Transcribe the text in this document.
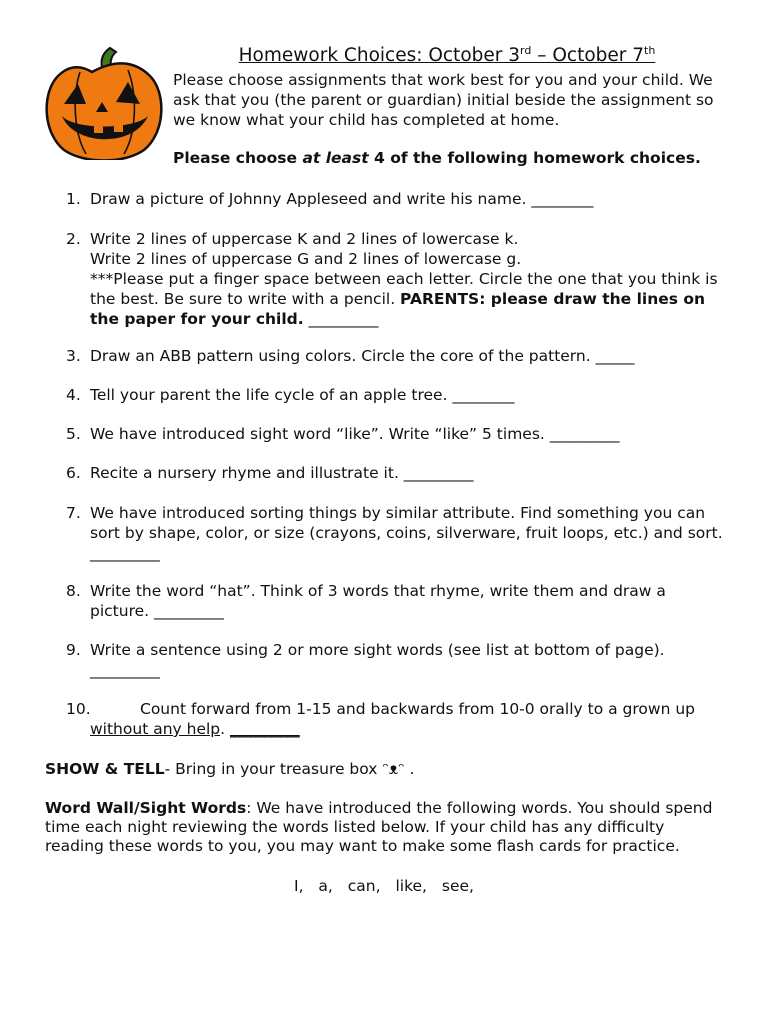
Homework Choices: October 3rd – October 7th

Please choose assignments that work best for you and your child. We ask that you (the parent or guardian) initial beside the assignment so we know what your child has completed at home.

Please choose at least 4 of the following homework choices.

1. Draw a picture of Johnny Appleseed and write his name. ________
2. Write 2 lines of uppercase K and 2 lines of lowercase k.
Write 2 lines of uppercase G and 2 lines of lowercase g.
***Please put a finger space between each letter. Circle the one that you think is the best. Be sure to write with a pencil. PARENTS: please draw the lines on the paper for your child. _________
3. Draw an ABB pattern using colors. Circle the core of the pattern. _____
4. Tell your parent the life cycle of an apple tree. ________
5. We have introduced sight word “like”. Write “like” 5 times. _________
6. Recite a nursery rhyme and illustrate it. _________
7. We have introduced sorting things by similar attribute. Find something you can sort by shape, color, or size (crayons, coins, silverware, fruit loops, etc.) and sort. _________
8. Write the word “hat”. Think of 3 words that rhyme, write them and draw a picture. _________
9. Write a sentence using 2 or more sight words (see list at bottom of page). _________
10.	Count forward from 1-15 and backwards from 10-0 orally to a grown up without any help. _________

SHOW & TELL- Bring in your treasure box ᵔᴥᵔ .

Word Wall/Sight Words: We have introduced the following words. You should spend time each night reviewing the words listed below. If your child has any difficulty reading these words to you, you may want to make some flash cards for practice.

I, a, can, like, see,
